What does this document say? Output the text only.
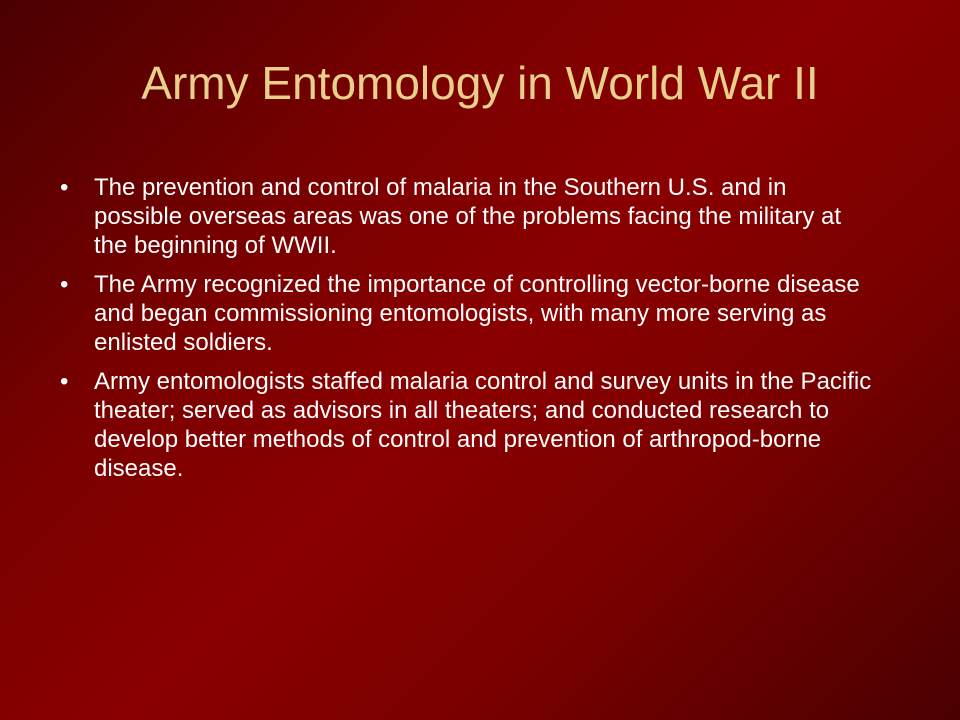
Army Entomology in World War II
• The prevention and control of malaria in the Southern U.S. and in possible overseas areas was one of the problems facing the military at the beginning of WWII.
• The Army recognized the importance of controlling vector-borne disease and began commissioning entomologists, with many more serving as enlisted soldiers.
• Army entomologists staffed malaria control and survey units in the Pacific theater; served as advisors in all theaters; and conducted research to develop better methods of control and prevention of arthropod-borne disease.
